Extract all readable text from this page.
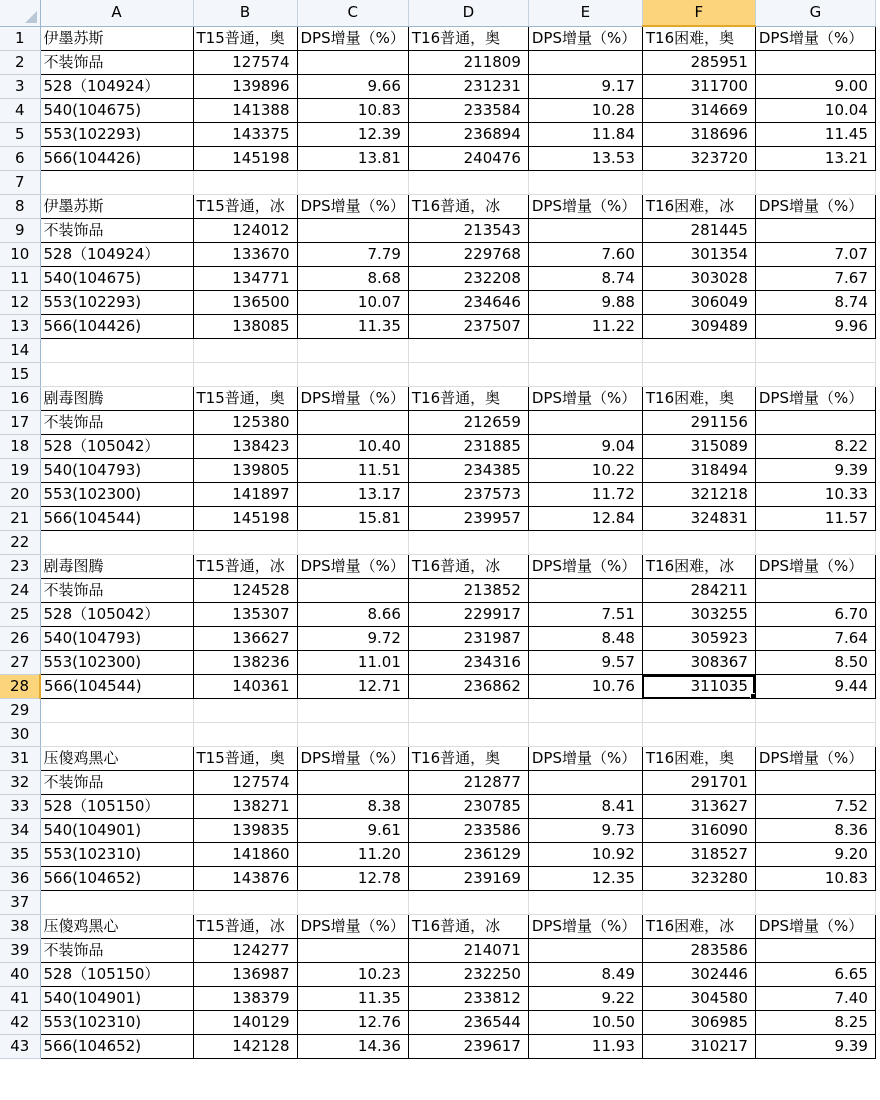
	A	B	C	D	E	F	G
1	伊墨苏斯	T15普通，奥	DPS增量（%）	T16普通，奥	DPS增量（%）	T16困难，奥	DPS增量（%）
2	不装饰品	127574		211809		285951	
3	528（104924）	139896	9.66	231231	9.17	311700	9.00
4	540(104675)	141388	10.83	233584	10.28	314669	10.04
5	553(102293)	143375	12.39	236894	11.84	318696	11.45
6	566(104426)	145198	13.81	240476	13.53	323720	13.21
7							
8	伊墨苏斯	T15普通，冰	DPS增量（%）	T16普通，冰	DPS增量（%）	T16困难，冰	DPS增量（%）
9	不装饰品	124012		213543		281445	
10	528（104924）	133670	7.79	229768	7.60	301354	7.07
11	540(104675)	134771	8.68	232208	8.74	303028	7.67
12	553(102293)	136500	10.07	234646	9.88	306049	8.74
13	566(104426)	138085	11.35	237507	11.22	309489	9.96
14							
15							
16	剧毒图腾	T15普通，奥	DPS增量（%）	T16普通，奥	DPS增量（%）	T16困难，奥	DPS增量（%）
17	不装饰品	125380		212659		291156	
18	528（105042）	138423	10.40	231885	9.04	315089	8.22
19	540(104793)	139805	11.51	234385	10.22	318494	9.39
20	553(102300)	141897	13.17	237573	11.72	321218	10.33
21	566(104544)	145198	15.81	239957	12.84	324831	11.57
22							
23	剧毒图腾	T15普通，冰	DPS增量（%）	T16普通，冰	DPS增量（%）	T16困难，冰	DPS增量（%）
24	不装饰品	124528		213852		284211	
25	528（105042）	135307	8.66	229917	7.51	303255	6.70
26	540(104793)	136627	9.72	231987	8.48	305923	7.64
27	553(102300)	138236	11.01	234316	9.57	308367	8.50
28	566(104544)	140361	12.71	236862	10.76	311035	9.44
29							
30							
31	压傻鸡黑心	T15普通，奥	DPS增量（%）	T16普通，奥	DPS增量（%）	T16困难，奥	DPS增量（%）
32	不装饰品	127574		212877		291701	
33	528（105150）	138271	8.38	230785	8.41	313627	7.52
34	540(104901)	139835	9.61	233586	9.73	316090	8.36
35	553(102310)	141860	11.20	236129	10.92	318527	9.20
36	566(104652)	143876	12.78	239169	12.35	323280	10.83
37							
38	压傻鸡黑心	T15普通，冰	DPS增量（%）	T16普通，冰	DPS增量（%）	T16困难，冰	DPS增量（%）
39	不装饰品	124277		214071		283586	
40	528（105150）	136987	10.23	232250	8.49	302446	6.65
41	540(104901)	138379	11.35	233812	9.22	304580	7.40
42	553(102310)	140129	12.76	236544	10.50	306985	8.25
43	566(104652)	142128	14.36	239617	11.93	310217	9.39
